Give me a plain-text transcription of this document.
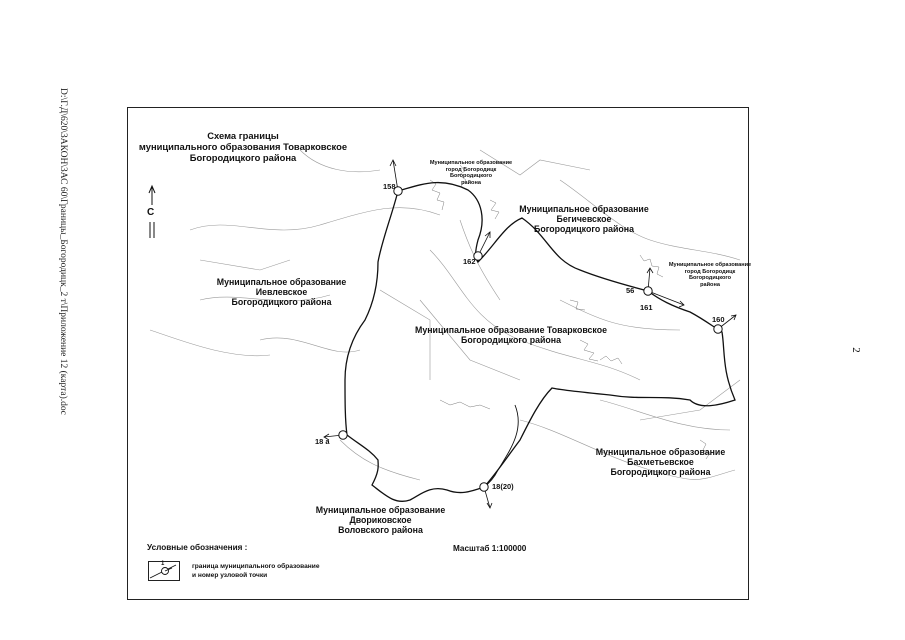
D:\Г.Д\620\ЗАКОН\ЗАС 60\Границы_Богородицк_2 т\Приложение 12 (карта).doc	2
С
Схема границы
муниципального образования Товарковское
Богородицкого района
Муниципальное образование
город Богородицк
Богородицкого
района
Муниципальное образование
Бегичевское
Богородицкого района
Муниципальное образование
город Богородицк
Богородицкого
района
Муниципальное образование
Иевлевское
Богородицкого района
Муниципальное образование Товарковское
Богородицкого района
Муниципальное образование
Бахметьевское
Богородицкого района
Муниципальное образование
Двориковское
Воловского района
158
162
56
161
160
18 а
18(20)
Условные обозначения :
1	граница муниципального образование
и номер узловой точки
Масштаб 1:100000
